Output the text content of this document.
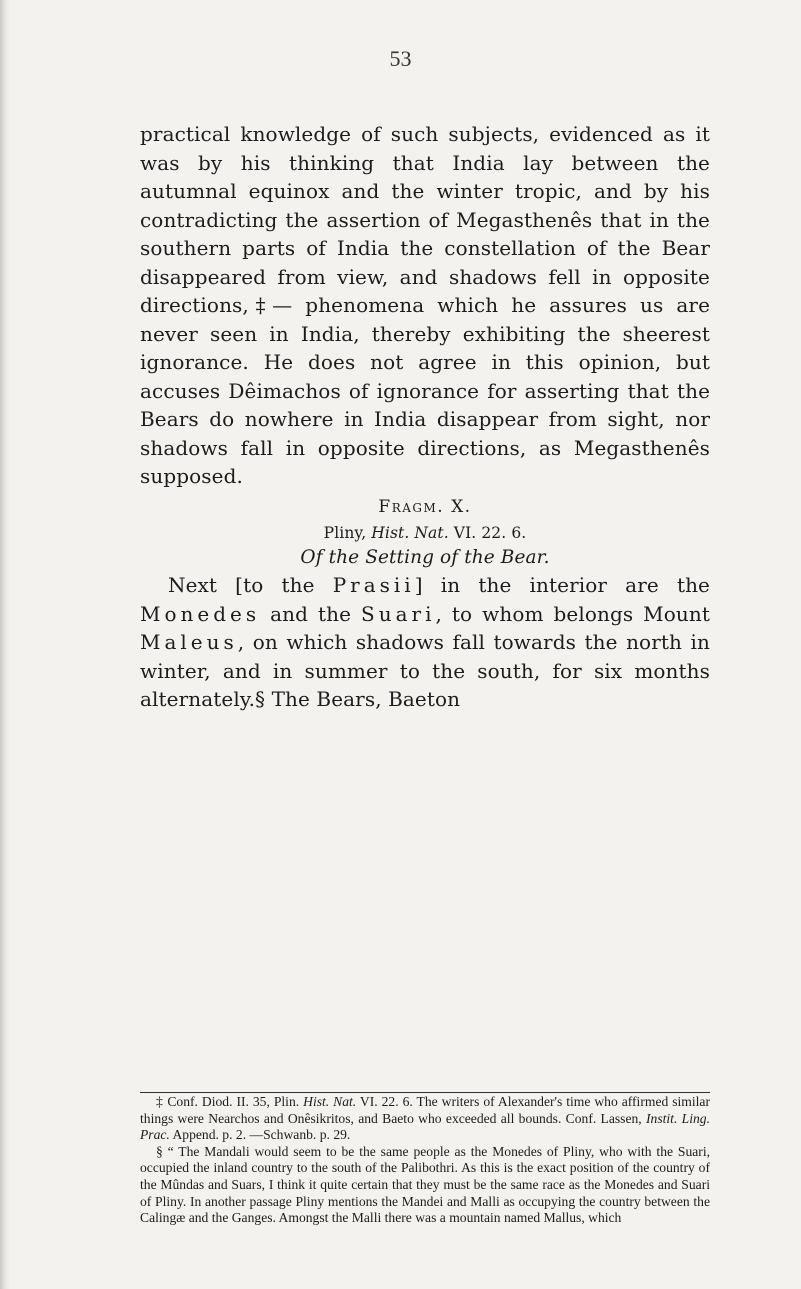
53

practical knowledge of such subjects, evidenced as it was by his thinking that India lay between the autumnal equinox and the winter tropic, and by his contradicting the assertion of Megasthenês that in the southern parts of India the constellation of the Bear disappeared from view, and shadows fell in opposite directions,‡— phenomena which he assures us are never seen in India, thereby exhibiting the sheerest ignorance. He does not agree in this opinion, but accuses Dêimachos of ignorance for asserting that the Bears do nowhere in India disappear from sight, nor shadows fall in opposite directions, as Megasthenês supposed.

Fragm. X.

Pliny, Hist. Nat. VI. 22. 6.

Of the Setting of the Bear.

Next [to the Prasii] in the interior are the Monedes and the Suari, to whom belongs Mount Maleus, on which shadows fall towards the north in winter, and in summer to the south, for six months alternately.§ The Bears, Baeton

‡ Conf. Diod. II. 35, Plin. Hist. Nat. VI. 22. 6. The writers of Alexander's time who affirmed similar things were Nearchos and Onêsikritos, and Baeto who exceeded all bounds. Conf. Lassen, Instit. Ling. Prac. Append. p. 2. —Schwanb. p. 29.

§ “ The Mandali would seem to be the same people as the Monedes of Pliny, who with the Suari, occupied the inland country to the south of the Palibothri. As this is the exact position of the country of the Mûndas and Suars, I think it quite certain that they must be the same race as the Monedes and Suari of Pliny. In another passage Pliny mentions the Mandei and Malli as occupying the country between the Calingæ and the Ganges. Amongst the Malli there was a mountain named Mallus, which
